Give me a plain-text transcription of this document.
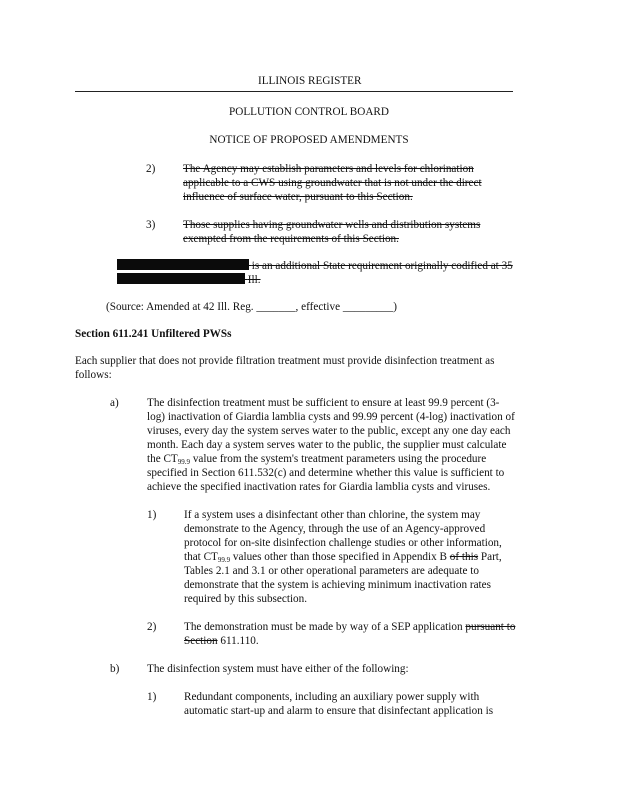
ILLINOIS REGISTER
POLLUTION CONTROL BOARD
NOTICE OF PROPOSED AMENDMENTS
2) The Agency may establish parameters and levels for chlorination
applicable to a CWS using groundwater that is not under the direct
influence of surface water, pursuant to this Section.
3) Those supplies having groundwater wells and distribution systems
exempted from the requirements of this Section.
is an additional State requirement originally codified at 35
Ill.
(Source: Amended at 42 Ill. Reg. _______, effective _________)
Section 611.241 Unfiltered PWSs
Each supplier that does not provide filtration treatment must provide disinfection treatment as
follows:
a)	The disinfection treatment must be sufficient to ensure at least 99.9 percent (3-
log) inactivation of Giardia lamblia cysts and 99.99 percent (4-log) inactivation of
viruses, every day the system serves water to the public, except any one day each
month. Each day a system serves water to the public, the supplier must calculate
the $CT_{99.9}$ value from the system's treatment parameters using the procedure
specified in Section 611.532(c) and determine whether this value is sufficient to
achieve the specified inactivation rates for Giardia lamblia cysts and viruses.
1) If a system uses a disinfectant other than chlorine, the system may
demonstrate to the Agency, through the use of an Agency-approved
protocol for on-site disinfection challenge studies or other information,
that $CT_{99.9}$ values other than those specified in Appendix B of this Part,
Tables 2.1 and 3.1 or other operational parameters are adequate to
demonstrate that the system is achieving minimum inactivation rates
required by this subsection.
2) The demonstration must be made by way of a SEP application pursuant to
Section 611.110.
b) The disinfection system must have either of the following:
1) Redundant components, including an auxiliary power supply with
automatic start-up and alarm to ensure that disinfectant application is
